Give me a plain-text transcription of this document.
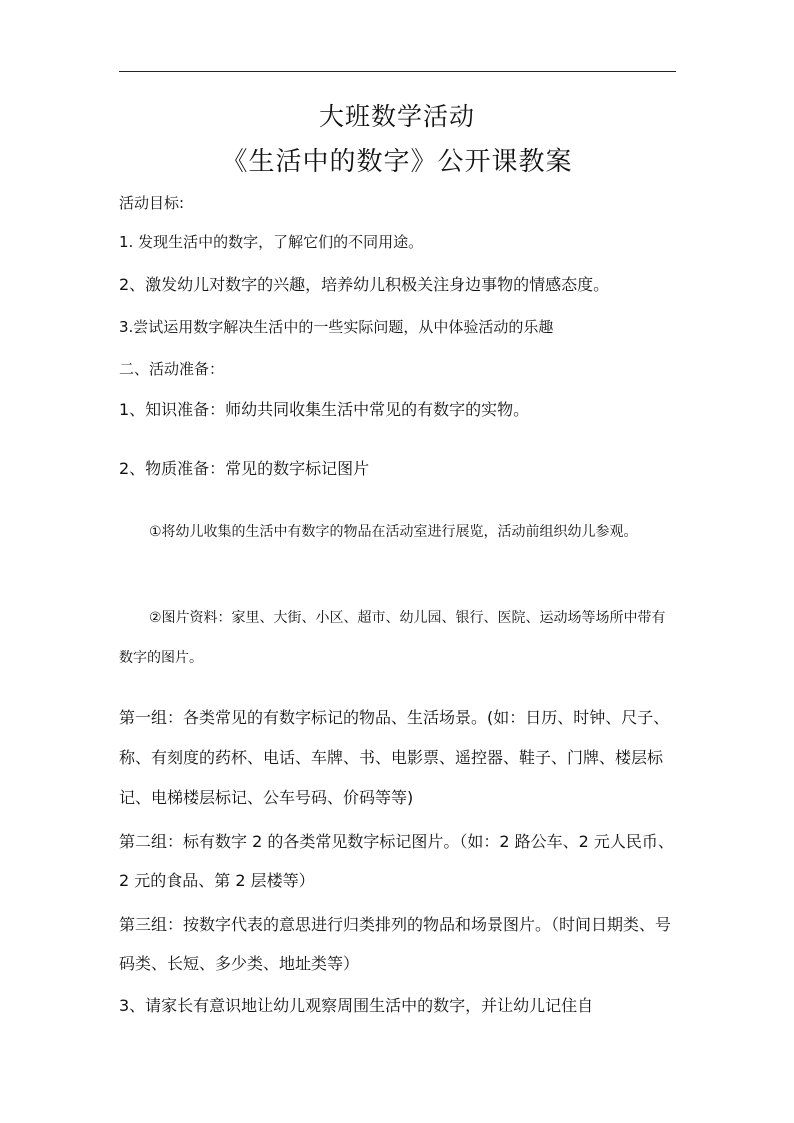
大班数学活动
《生活中的数字》公开课教案
活动目标:
1. 发现生活中的数字，了解它们的不同用途。
2、激发幼儿对数字的兴趣，培养幼儿积极关注身边事物的情感态度。
3.尝试运用数字解决生活中的一些实际问题，从中体验活动的乐趣
二、活动准备：
1、知识准备：师幼共同收集生活中常见的有数字的实物。
2、物质准备：常见的数字标记图片
①将幼儿收集的生活中有数字的物品在活动室进行展览，活动前组织幼儿参观。
②图片资料：家里、大街、小区、超市、幼儿园、银行、医院、运动场等场所中带有数字的图片。
第一组：各类常见的有数字标记的物品、生活场景。(如：日历、时钟、尺子、称、有刻度的药杯、电话、车牌、书、电影票、遥控器、鞋子、门牌、楼层标记、电梯楼层标记、公车号码、价码等等)
第二组：标有数字 2 的各类常见数字标记图片。（如：2 路公车、2 元人民币、2 元的食品、第 2 层楼等）
第三组：按数字代表的意思进行归类排列的物品和场景图片。（时间日期类、号码类、长短、多少类、地址类等）
3、请家长有意识地让幼儿观察周围生活中的数字，并让幼儿记住自
